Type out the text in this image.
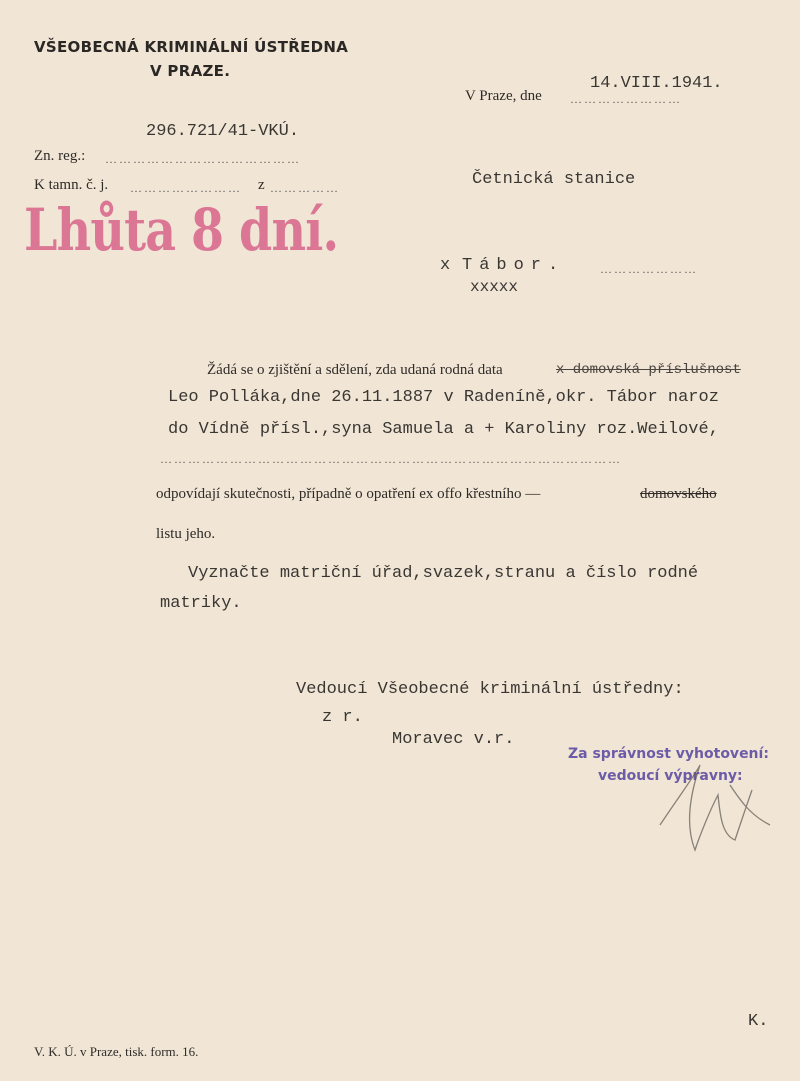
VŠEOBECNÁ KRIMINÁLNÍ ÚSTŘEDNA
V PRAZE.
14.VIII.1941.
V Praze, dne ……………………
296.721/41-VKÚ.
Zn. reg.: ……………………………………
K tamn. č. j. …………………… z ……………	Četnická stanice
Lhůta 8 dní.
x Tábor.	…………………
xxxxx
Žádá se o zjištění a sdělení, zda udaná rodná data	x domovská příslušnost
Leo Polláka,dne 26.11.1887 v Radeníně,okr. Tábor naroz
do Vídně přísl.,syna Samuela a + Karoliny roz.Weilové,
………………………………………………………………………………………
odpovídají skutečnosti, případně o opatření ex offo křestního —	domovského
listu jeho.
Vyznačte matriční úřad,svazek,stranu a číslo rodné
matriky.
Vedoucí Všeobecné kriminální ústředny:
z r.
Moravec v.r.
Za správnost vyhotovení:
vedoucí výpravny:
V. K. Ú. v Praze, tisk. form. 16.
K.
